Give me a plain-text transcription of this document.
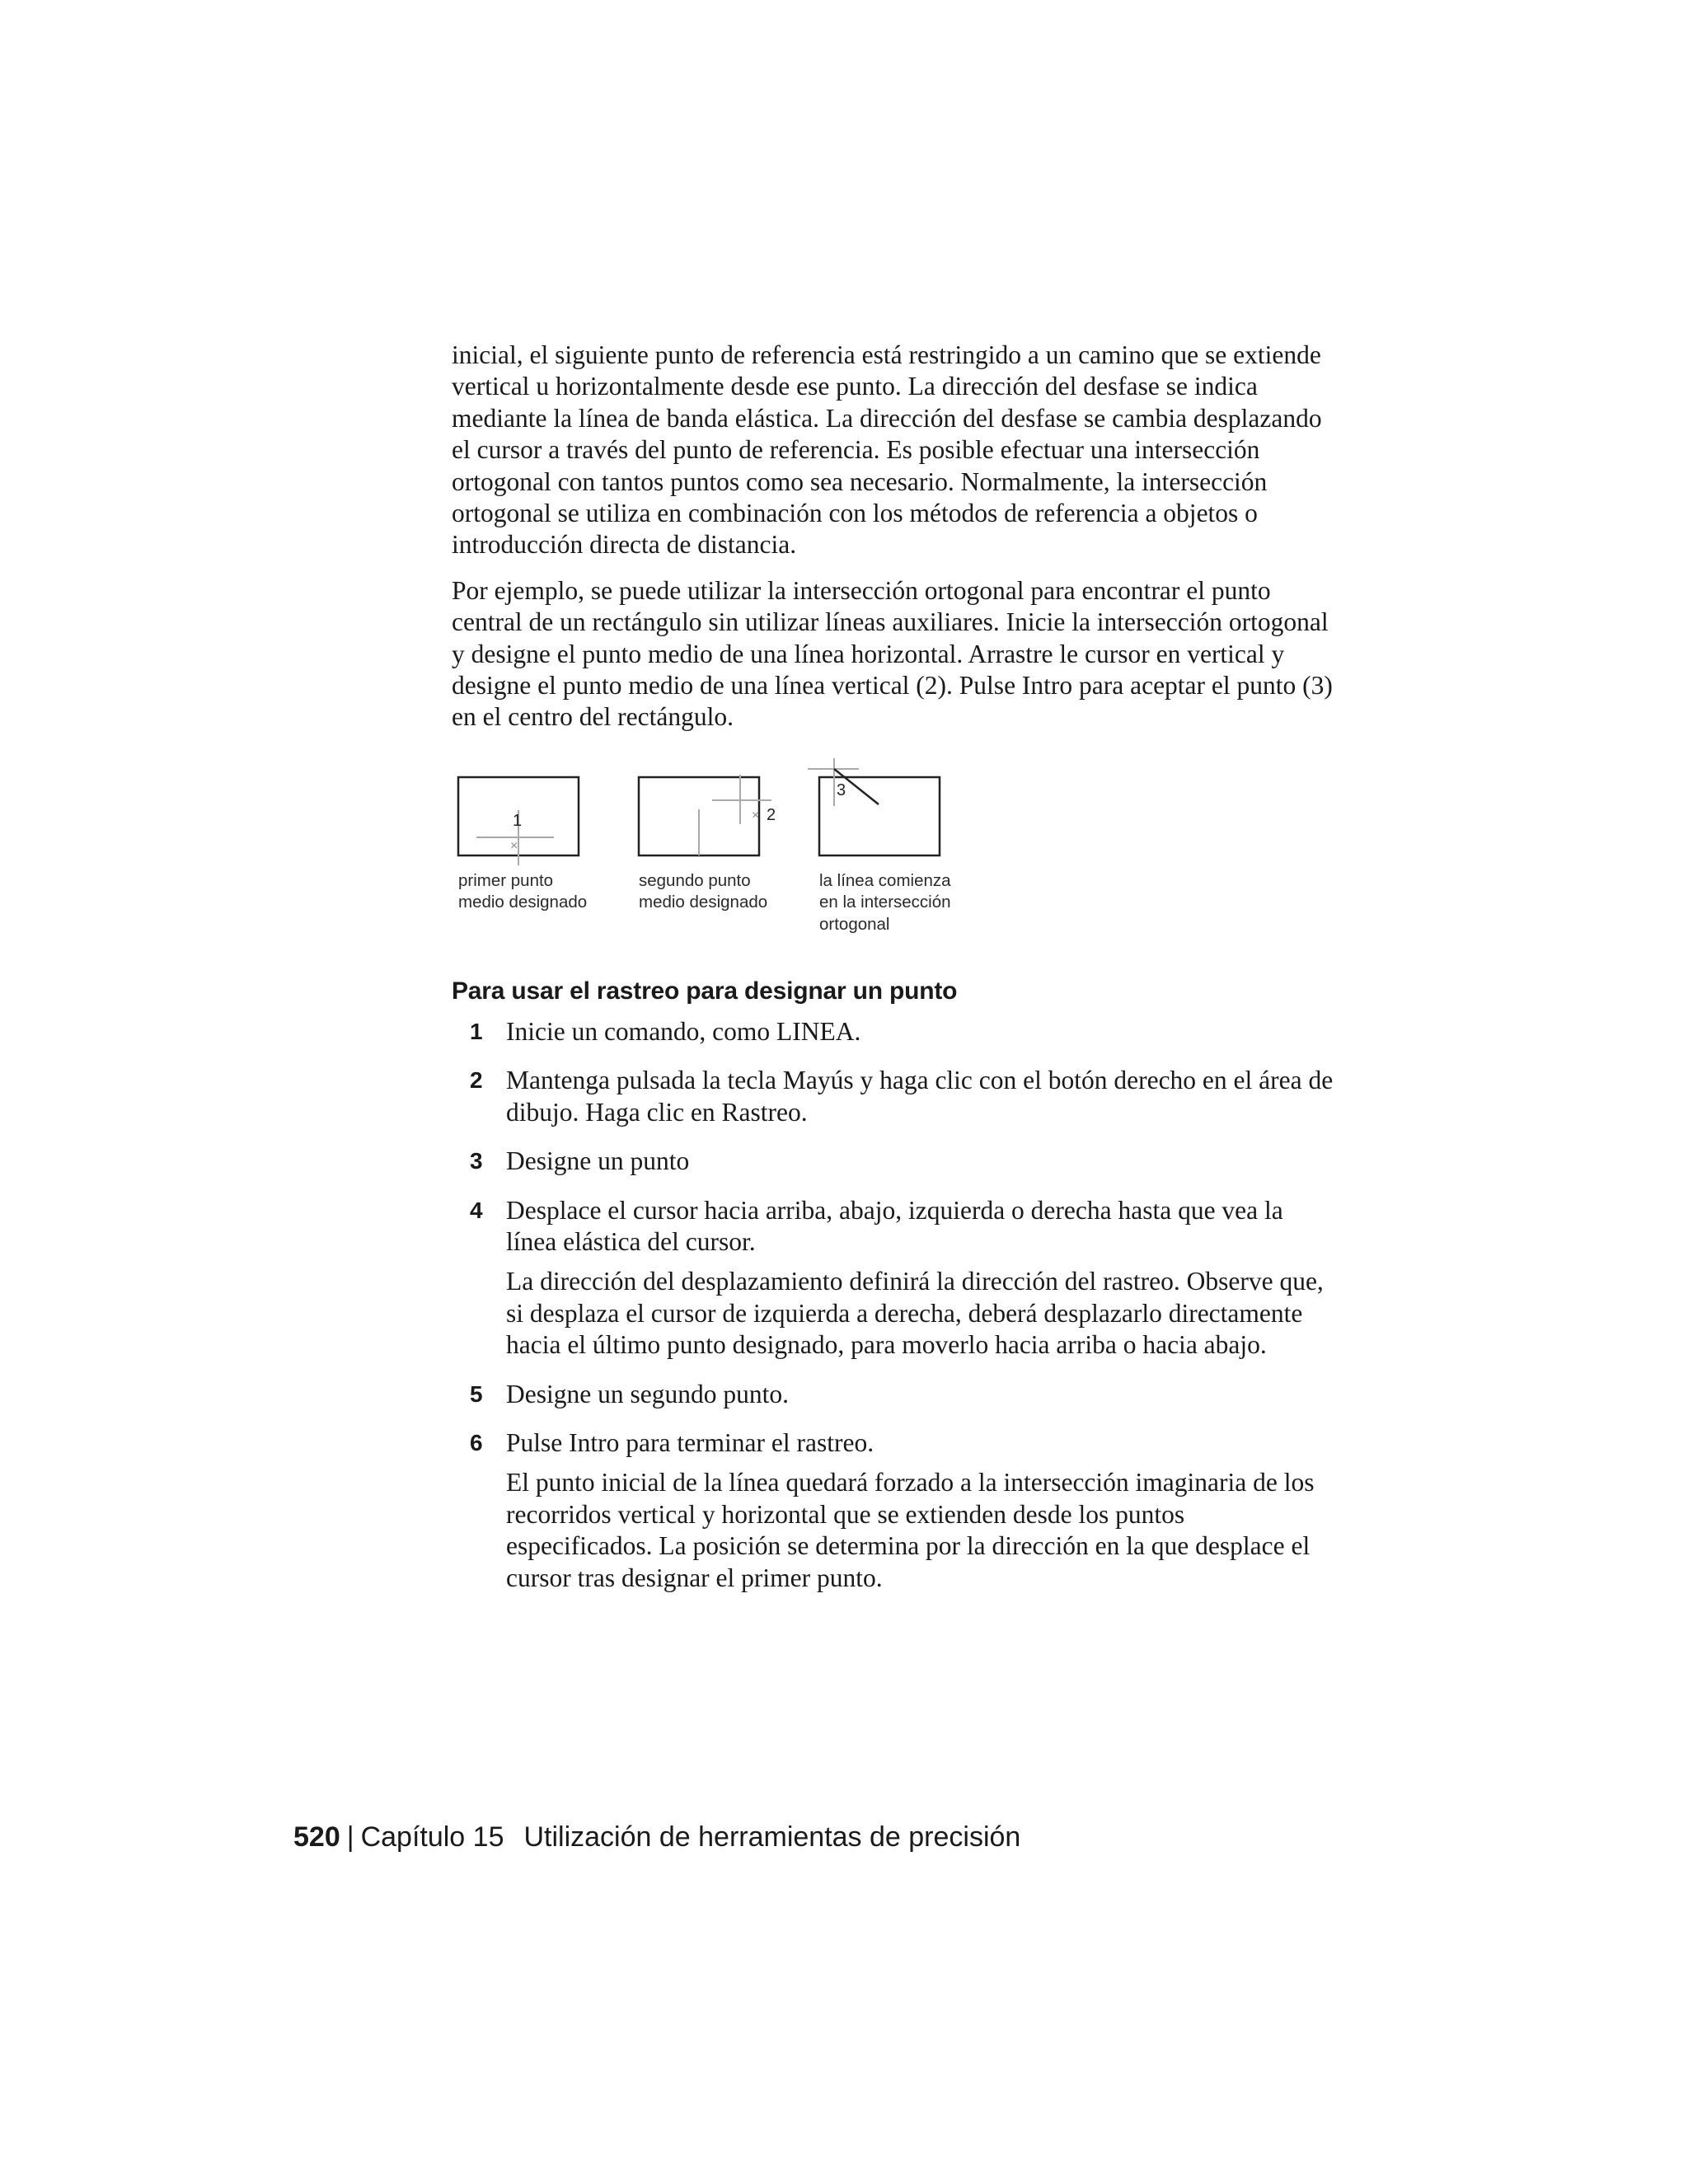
inicial, el siguiente punto de referencia está restringido a un camino que se extiende vertical u horizontalmente desde ese punto. La dirección del desfase se indica mediante la línea de banda elástica. La dirección del desfase se cambia desplazando el cursor a través del punto de referencia. Es posible efectuar una intersección ortogonal con tantos puntos como sea necesario. Normalmente, la intersección ortogonal se utiliza en combinación con los métodos de referencia a objetos o introducción directa de distancia.

Por ejemplo, se puede utilizar la intersección ortogonal para encontrar el punto central de un rectángulo sin utilizar líneas auxiliares. Inicie la intersección ortogonal y designe el punto medio de una línea horizontal. Arrastre le cursor en vertical y designe el punto medio de una línea vertical (2). Pulse Intro para aceptar el punto (3) en el centro del rectángulo.

1
×
2
×
3
primer punto
medio designado
segundo punto
medio designado
la línea comienza
en la intersección
ortogonal
Para usar el rastreo para designar un punto
1 Inicie un comando, como LINEA.
2 Mantenga pulsada la tecla Mayús y haga clic con el botón derecho en el área de dibujo. Haga clic en Rastreo.
3 Designe un punto
4 Desplace el cursor hacia arriba, abajo, izquierda o derecha hasta que vea la línea elástica del cursor.
La dirección del desplazamiento definirá la dirección del rastreo. Observe que, si desplaza el cursor de izquierda a derecha, deberá desplazarlo directamente hacia el último punto designado, para moverlo hacia arriba o hacia abajo.
5 Designe un segundo punto.
6 Pulse Intro para terminar el rastreo.
El punto inicial de la línea quedará forzado a la intersección imaginaria de los recorridos vertical y horizontal que se extienden desde los puntos especificados. La posición se determina por la dirección en la que desplace el cursor tras designar el primer punto.
520 | Capítulo 15 Utilización de herramientas de precisión
